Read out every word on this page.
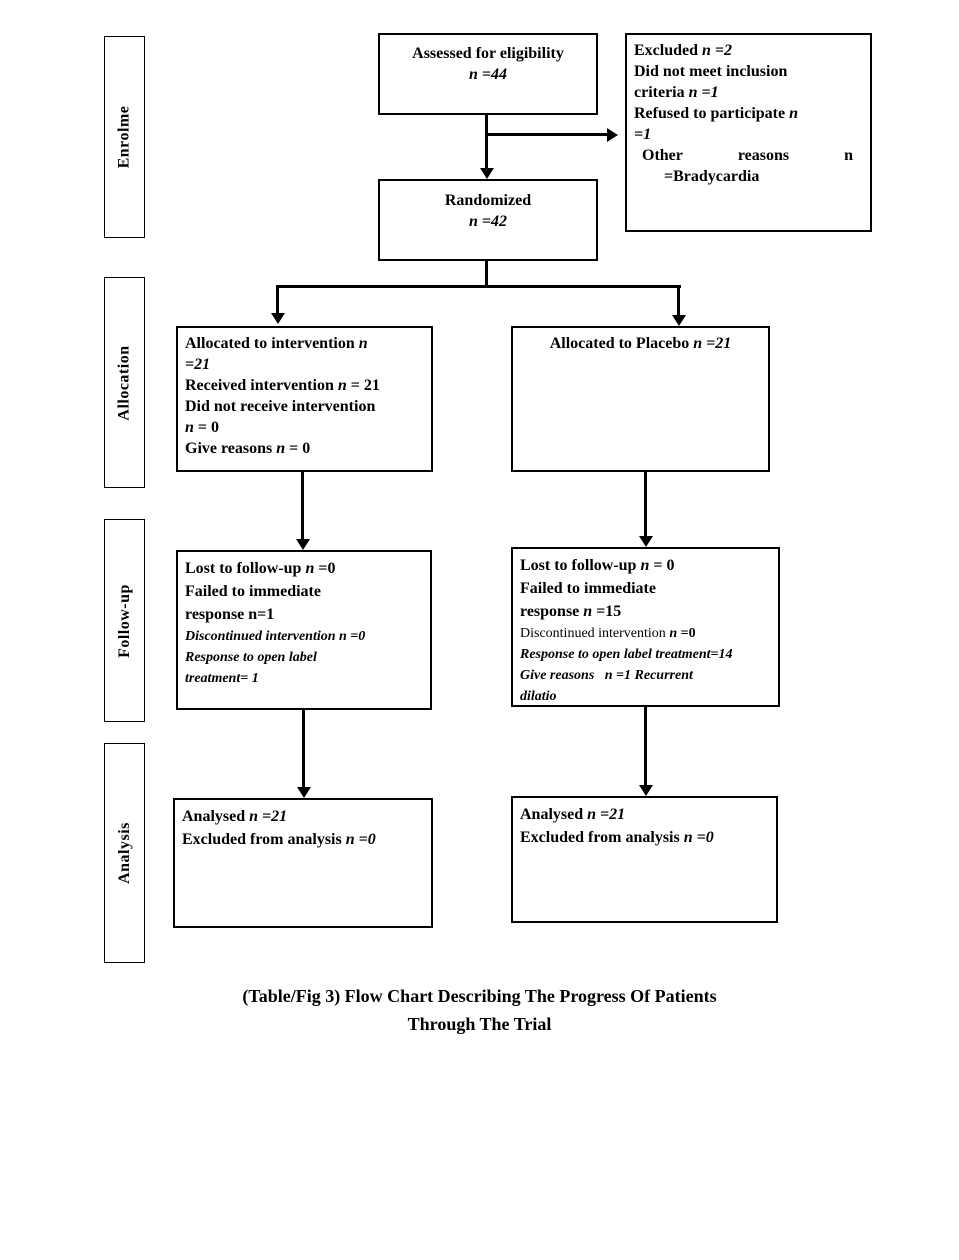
Enrolme
Allocation
Follow-up
Analysis
Assessed for eligibility
n =44
Excluded n =2
Did not meet inclusion
criteria n =1
Refused to participate n
=1
Other	reasons	n
=Bradycardia
Randomized
n =42
Allocated to intervention n
=21
Received intervention n = 21
Did not receive intervention
n = 0
Give reasons n = 0
Allocated to Placebo n =21
Lost to follow-up n =0
Failed to immediate
response n=1
Discontinued intervention n =0
Response to open label
treatment= 1
Lost to follow-up n = 0
Failed to immediate
response n =15
Discontinued intervention n =0
Response to open label treatment=14
Give reasons   n =1 Recurrent
dilatio
Analysed n =21
Excluded from analysis n =0
Analysed n =21
Excluded from analysis n =0
(Table/Fig 3) Flow Chart Describing The Progress Of Patients
Through The Trial
